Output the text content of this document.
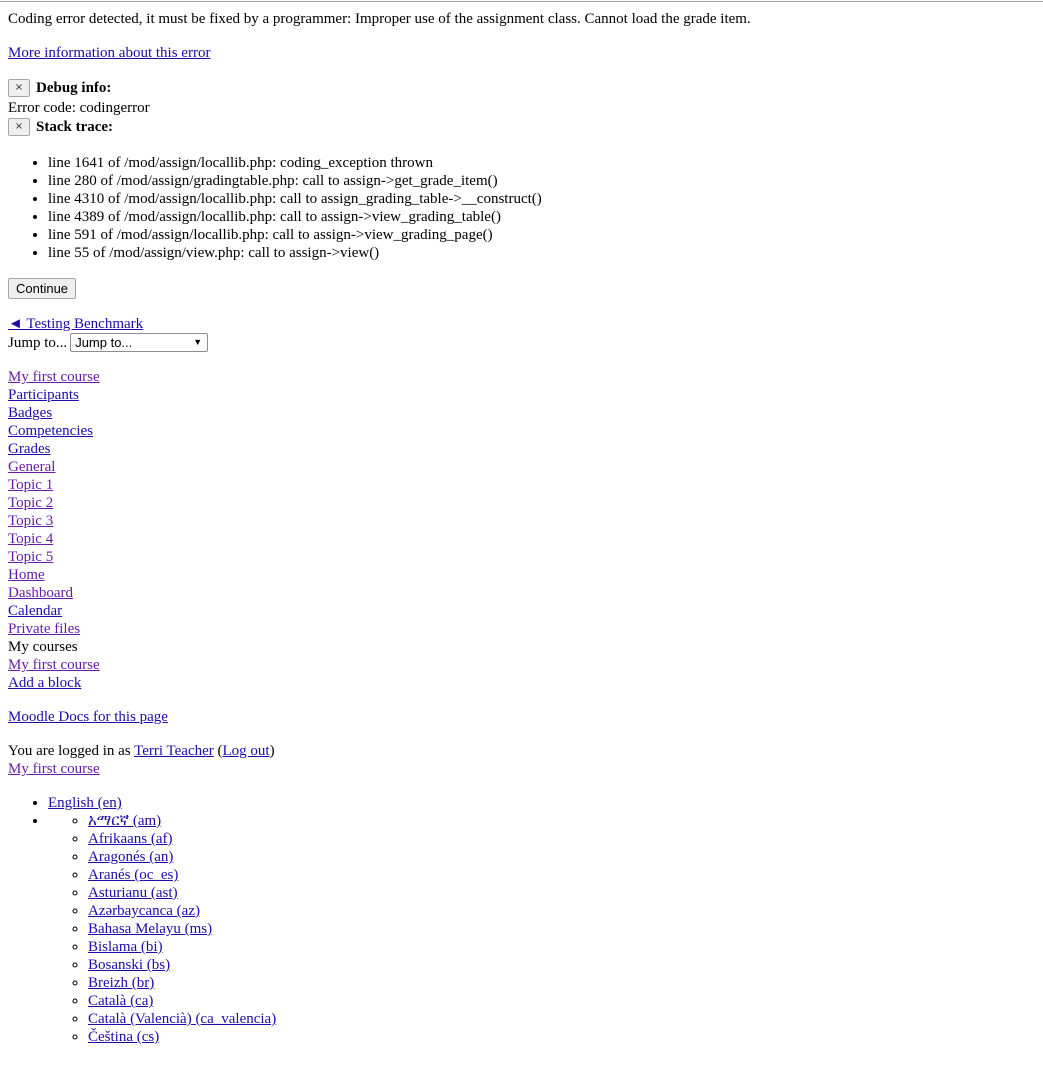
Coding error detected, it must be fixed by a programmer: Improper use of the assignment class. Cannot load the grade item.
More information about this error
× Debug info:
Error code: codingerror
× Stack trace:
• line 1641 of /mod/assign/locallib.php: coding_exception thrown
• line 280 of /mod/assign/gradingtable.php: call to assign->get_grade_item()
• line 4310 of /mod/assign/locallib.php: call to assign_grading_table->__construct()
• line 4389 of /mod/assign/locallib.php: call to assign->view_grading_table()
• line 591 of /mod/assign/locallib.php: call to assign->view_grading_page()
• line 55 of /mod/assign/view.php: call to assign->view()
Continue
◄ Testing Benchmark
Jump to... Jump to...	▼
My first course
Participants
Badges
Competencies
Grades
General
Topic 1
Topic 2
Topic 3
Topic 4
Topic 5
Home
Dashboard
Calendar
Private files
My courses
My first course
Add a block
Moodle Docs for this page
You are logged in as Terri Teacher (Log out)
My first course
• English (en)
◦ • አማርኛ (am)
◦ Afrikaans (af)
◦ Aragonés (an)
◦ Aranés (oc_es)
◦ Asturianu (ast)
◦ Azərbaycanca (az)
◦ Bahasa Melayu (ms)
◦ Bislama (bi)
◦ Bosanski (bs)
◦ Breizh (br)
◦ Català (ca)
◦ Català (Valencià) (ca_valencia)
◦ Čeština (cs)
